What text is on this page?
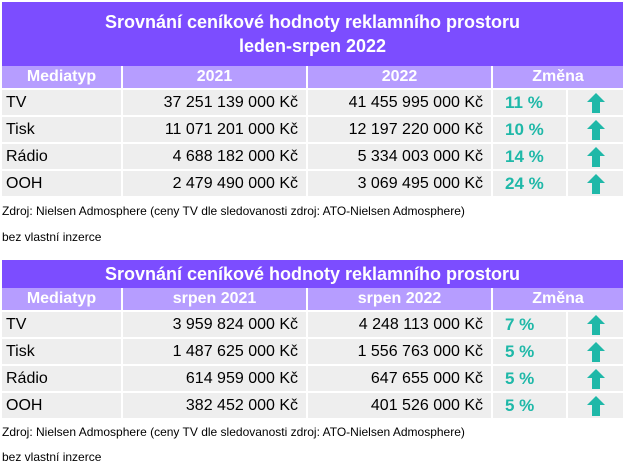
Srovnání ceníkové hodnoty reklamního prostoru
leden-srpen 2022
Mediatyp	2021	2022	Změna	
TV	37 251 139 000 Kč	41 455 995 000 Kč	11 %	
Tisk	11 071 201 000 Kč	12 197 220 000 Kč	10 %	
Rádio	4 688 182 000 Kč	5 334 003 000 Kč	14 %	
OOH	2 479 490 000 Kč	3 069 495 000 Kč	24 %	
Zdroj: Nielsen Admosphere (ceny TV dle sledovanosti zdroj: ATO-Nielsen Admosphere)
bez vlastní inzerce
Srovnání ceníkové hodnoty reklamního prostoru
Mediatyp	srpen 2021	srpen 2022	Změna	
TV	3 959 824 000 Kč	4 248 113 000 Kč	7 %	
Tisk	1 487 625 000 Kč	1 556 763 000 Kč	5 %	
Rádio	614 959 000 Kč	647 655 000 Kč	5 %	
OOH	382 452 000 Kč	401 526 000 Kč	5 %	
Zdroj: Nielsen Admosphere (ceny TV dle sledovanosti zdroj: ATO-Nielsen Admosphere)
bez vlastní inzerce
